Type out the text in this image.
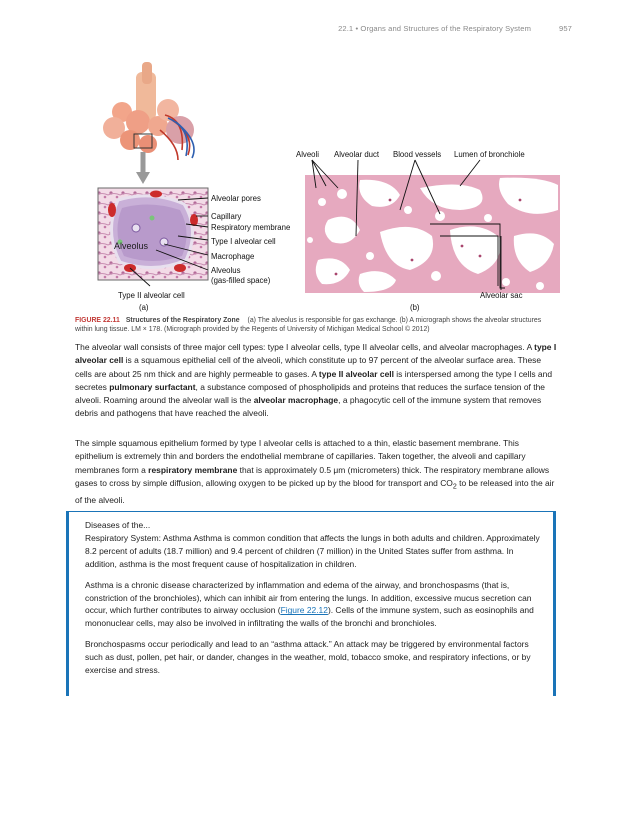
22.1 • Organs and Structures of the Respiratory System	957
Alveolus
Alveolar pores
Capillary
Respiratory membrane
Type I alveolar cell
Macrophage
Alveolus
(gas-filled space)
Type II alveolar cell
(a)
Alveoli Alveolar duct Blood vessels Lumen of bronchiole
Alveolar sac
(b)
FIGURE 22.11 Structures of the Respiratory Zone (a) The alveolus is responsible for gas exchange. (b) A micrograph shows the alveolar structures within lung tissue. LM × 178. (Micrograph provided by the Regents of University of Michigan Medical School © 2012)

The alveolar wall consists of three major cell types: type I alveolar cells, type II alveolar cells, and alveolar macrophages. A type I alveolar cell is a squamous epithelial cell of the alveoli, which constitute up to 97 percent of the alveolar surface area. These cells are about 25 nm thick and are highly permeable to gases. A type II alveolar cell is interspersed among the type I cells and secretes pulmonary surfactant, a substance composed of phospholipids and proteins that reduces the surface tension of the alveoli. Roaming around the alveolar wall is the alveolar macrophage, a phagocytic cell of the immune system that removes debris and pathogens that have reached the alveoli.

The simple squamous epithelium formed by type I alveolar cells is attached to a thin, elastic basement membrane. This epithelium is extremely thin and borders the endothelial membrane of capillaries. Taken together, the alveoli and capillary membranes form a respiratory membrane that is approximately 0.5 μm (micrometers) thick. The respiratory membrane allows gases to cross by simple diffusion, allowing oxygen to be picked up by the blood for transport and $CO_2$ to be released into the air of the alveoli.

Diseases of the...
Respiratory System: Asthma Asthma is common condition that affects the lungs in both adults and children. Approximately 8.2 percent of adults (18.7 million) and 9.4 percent of children (7 million) in the United States suffer from asthma. In addition, asthma is the most frequent cause of hospitalization in children.

Asthma is a chronic disease characterized by inflammation and edema of the airway, and bronchospasms (that is, constriction of the bronchioles), which can inhibit air from entering the lungs. In addition, excessive mucus secretion can occur, which further contributes to airway occlusion (Figure 22.12). Cells of the immune system, such as eosinophils and mononuclear cells, may also be involved in infiltrating the walls of the bronchi and bronchioles.

Bronchospasms occur periodically and lead to an “asthma attack.” An attack may be triggered by environmental factors such as dust, pollen, pet hair, or dander, changes in the weather, mold, tobacco smoke, and respiratory infections, or by exercise and stress.
